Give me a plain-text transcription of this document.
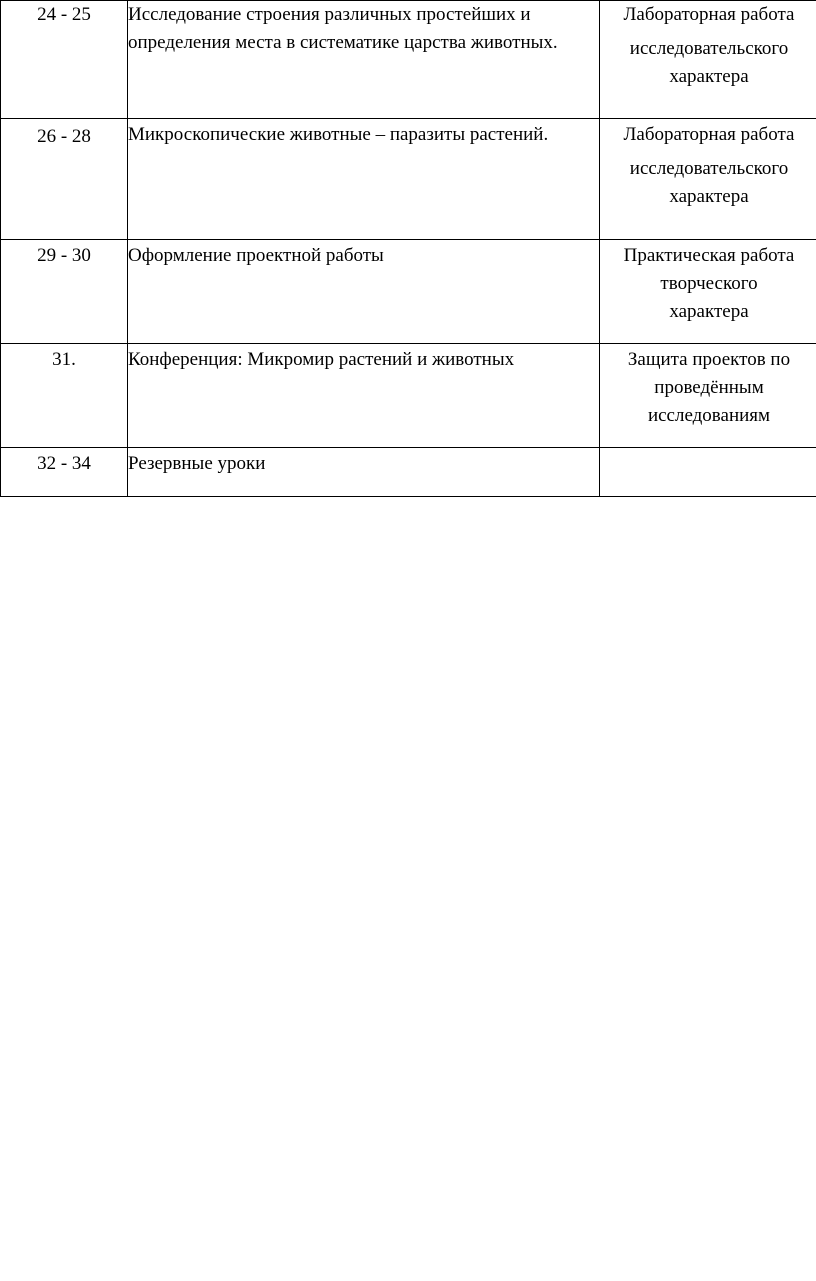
24 - 25	Исследование строения различных простейших и определения места в систематике царства животных.	Лабораторная работа
исследовательского
характера

26 - 28	Микроскопические животные – паразиты растений.	Лабораторная работа
исследовательского
характера

29 - 30	Оформление проектной работы	Практическая работа
творческого
характера

31.	Конференция: Микромир растений и животных	Защита проектов по
проведённым
исследованиям

32 - 34	Резервные уроки	
